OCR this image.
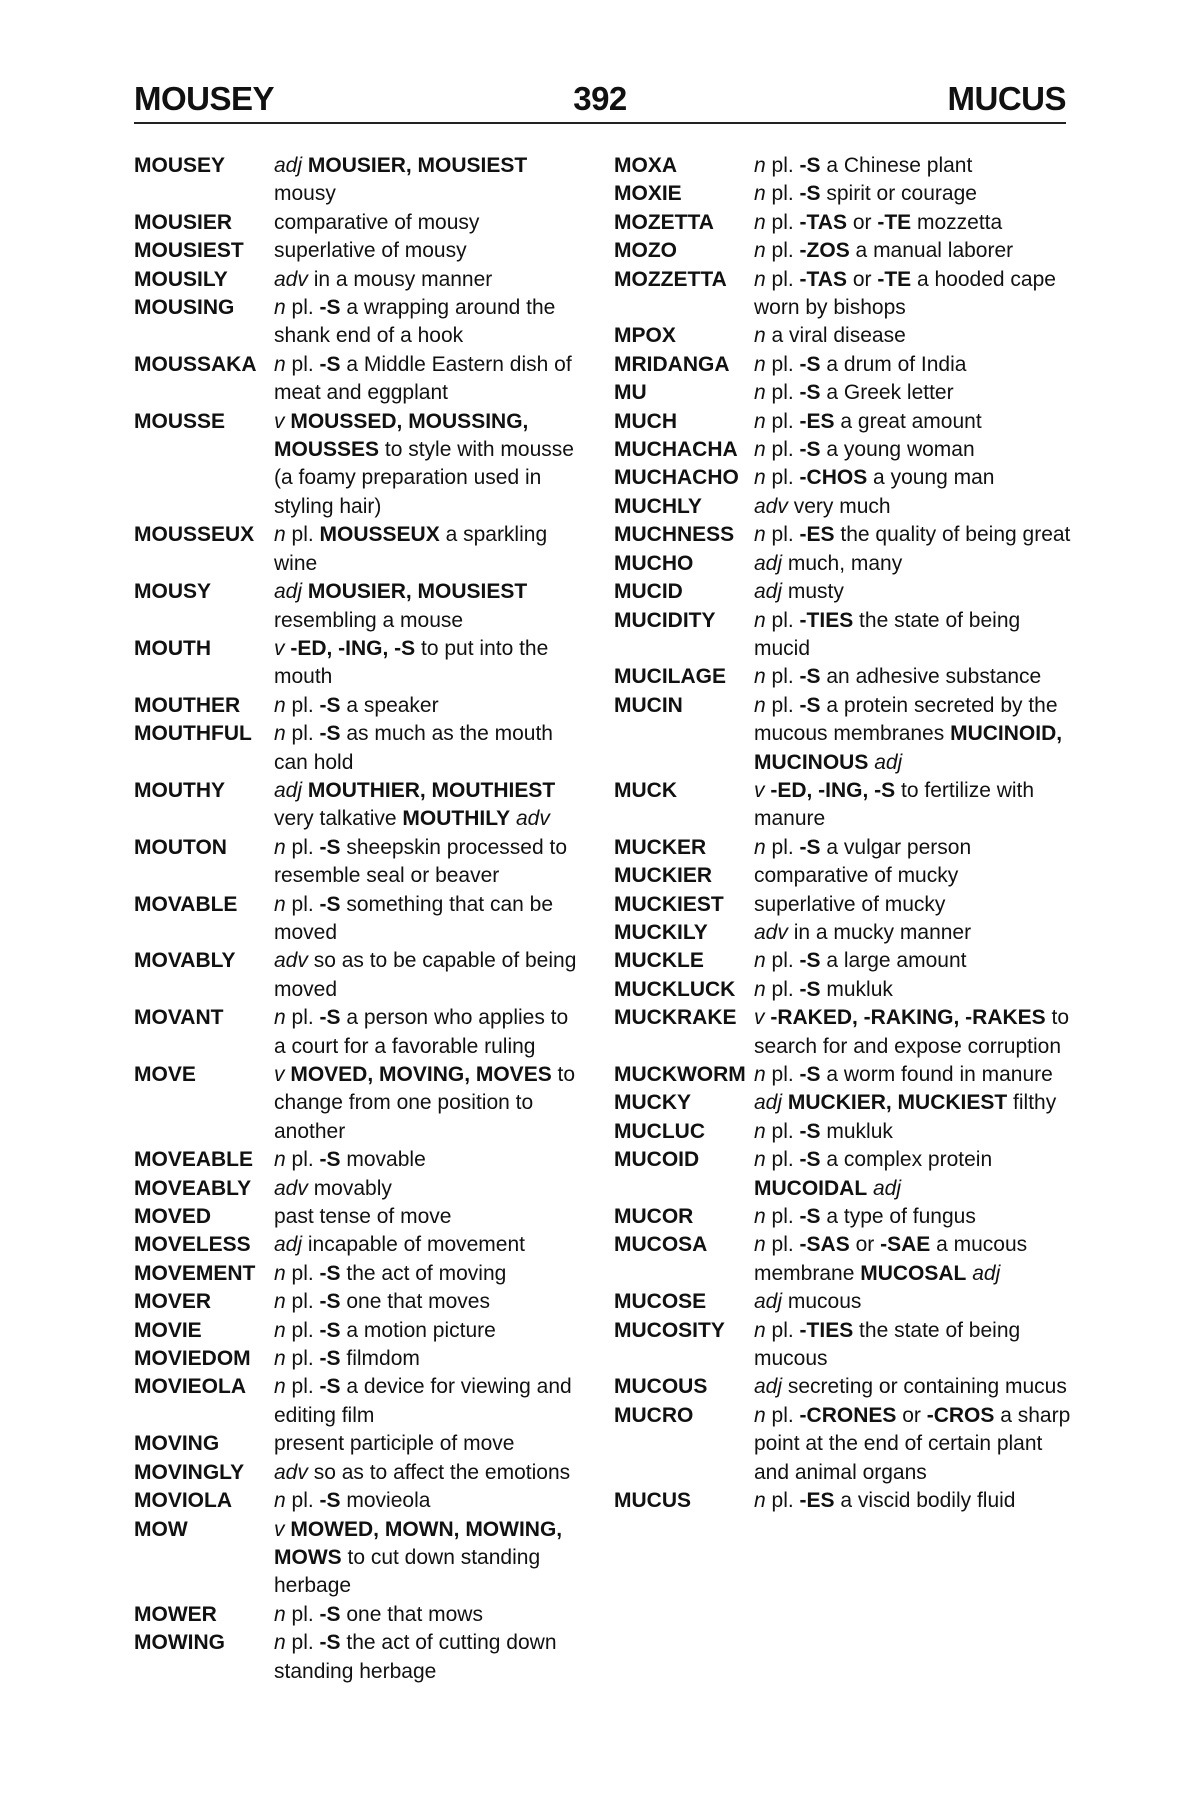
MOUSEY	392	MUCUS
MOUSEY	adj MOUSIER, MOUSIEST mousy
MOUSIER	comparative of mousy
MOUSIEST	superlative of mousy
MOUSILY	adv in a mousy manner
MOUSING	n pl. -S a wrapping around the shank end of a hook
MOUSSAKA n pl. -S a Middle Eastern dish of meat and eggplant
MOUSSE	v MOUSSED, MOUSSING, MOUSSES to style with mousse (a foamy preparation used in styling hair)
MOUSSEUX n pl. MOUSSEUX a sparkling wine
MOUSY	adj MOUSIER, MOUSIEST resembling a mouse
MOUTH	v -ED, -ING, -S to put into the mouth
MOUTHER	n pl. -S a speaker
MOUTHFUL	n pl. -S as much as the mouth can hold
MOUTHY	adj MOUTHIER, MOUTHIEST very talkative MOUTHILY adv
MOUTON	n pl. -S sheepskin processed to resemble seal or beaver
MOVABLE	n pl. -S something that can be moved
MOVABLY	adv so as to be capable of being moved
MOVANT	n pl. -S a person who applies to a court for a favorable ruling
MOVE	v MOVED, MOVING, MOVES to change from one position to another
MOVEABLE n pl. -S movable
MOVEABLY	adv movably
MOVED	past tense of move
MOVELESS	adj incapable of movement
MOVEMENT n pl. -S the act of moving
MOVER	n pl. -S one that moves
MOVIE	n pl. -S a motion picture
MOVIEDOM	n pl. -S filmdom
MOVIEOLA	n pl. -S a device for viewing and editing film
MOVING	present participle of move
MOVINGLY	adv so as to affect the emotions
MOVIOLA	n pl. -S movieola
MOW	v MOWED, MOWN, MOWING, MOWS to cut down standing herbage
MOWER	n pl. -S one that mows
MOWING	n pl. -S the act of cutting down standing herbage
MOXA	n pl. -S a Chinese plant
MOXIE	n pl. -S spirit or courage
MOZETTA	n pl. -TAS or -TE mozzetta
MOZO	n pl. -ZOS a manual laborer
MOZZETTA	n pl. -TAS or -TE a hooded cape worn by bishops
MPOX	n a viral disease
MRIDANGA	n pl. -S a drum of India
MU	n pl. -S a Greek letter
MUCH	n pl. -ES a great amount
MUCHACHA n pl. -S a young woman
MUCHACHO n pl. -CHOS a young man
MUCHLY	adv very much
MUCHNESS n pl. -ES the quality of being great
MUCHO	adj much, many
MUCID	adj musty
MUCIDITY	n pl. -TIES the state of being mucid
MUCILAGE	n pl. -S an adhesive substance
MUCIN	n pl. -S a protein secreted by the mucous membranes MUCINOID, MUCINOUS adj
MUCK	v -ED, -ING, -S to fertilize with manure
MUCKER	n pl. -S a vulgar person
MUCKIER	comparative of mucky
MUCKIEST	superlative of mucky
MUCKILY	adv in a mucky manner
MUCKLE	n pl. -S a large amount
MUCKLUCK n pl. -S mukluk
MUCKRAKE v -RAKED, -RAKING, -RAKES to search for and expose corruption
MUCKWORM n pl. -S a worm found in manure
MUCKY	adj MUCKIER, MUCKIEST filthy
MUCLUC	n pl. -S mukluk
MUCOID	n pl. -S a complex protein MUCOIDAL adj
MUCOR	n pl. -S a type of fungus
MUCOSA	n pl. -SAS or -SAE a mucous membrane MUCOSAL adj
MUCOSE	adj mucous
MUCOSITY	n pl. -TIES the state of being mucous
MUCOUS	adj secreting or containing mucus
MUCRO	n pl. -CRONES or -CROS a sharp point at the end of certain plant and animal organs
MUCUS	n pl. -ES a viscid bodily fluid
